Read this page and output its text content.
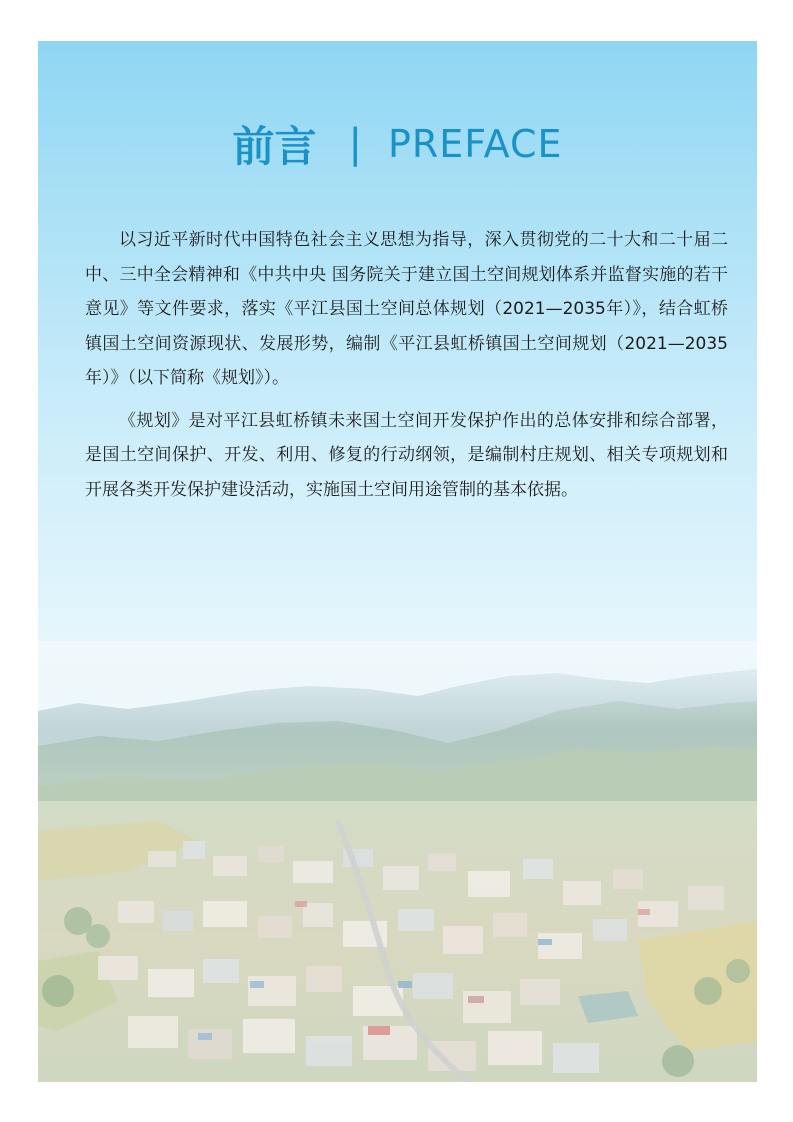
前言 | PREFACE

以习近平新时代中国特色社会主义思想为指导，深入贯彻党的二十大和二十届二中、三中全会精神和《中共中央 国务院关于建立国土空间规划体系并监督实施的若干意见》等文件要求，落实《平江县国土空间总体规划（2021—2035年）》，结合虹桥镇国土空间资源现状、发展形势，编制《平江县虹桥镇国土空间规划（2021—2035年）》（以下简称《规划》）。

《规划》是对平江县虹桥镇未来国土空间开发保护作出的总体安排和综合部署，是国土空间保护、开发、利用、修复的行动纲领，是编制村庄规划、相关专项规划和开展各类开发保护建设活动，实施国土空间用途管制的基本依据。
